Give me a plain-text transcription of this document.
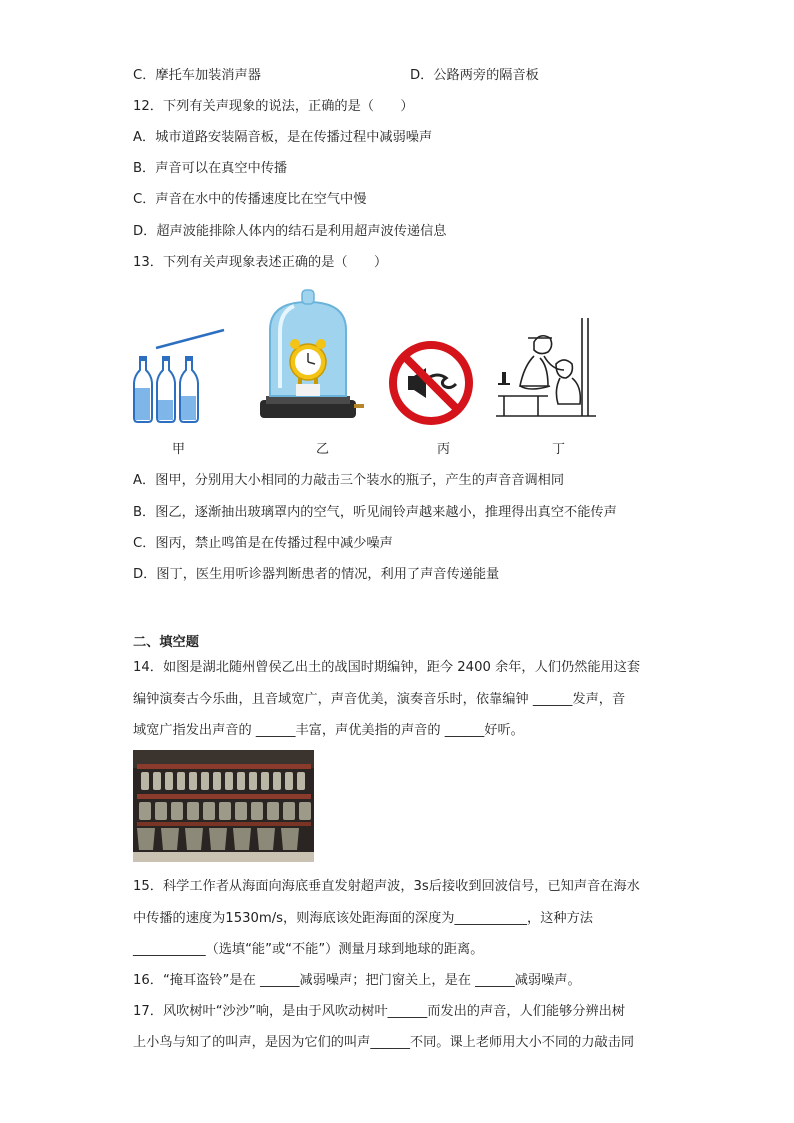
C．摩托车加装消声器	D．公路两旁的隔音板
12．下列有关声现象的说法，正确的是（　　）
A．城市道路安装隔音板，是在传播过程中减弱噪声
B．声音可以在真空中传播
C．声音在水中的传播速度比在空气中慢
D．超声波能排除人体内的结石是利用超声波传递信息
13．下列有关声现象表述正确的是（　　）
甲	乙	丙	丁
A．图甲，分别用大小相同的力敲击三个装水的瓶子，产生的声音音调相同
B．图乙，逐渐抽出玻璃罩内的空气，听见闹铃声越来越小，推理得出真空不能传声
C．图丙，禁止鸣笛是在传播过程中减少噪声
D．图丁，医生用听诊器判断患者的情况，利用了声音传递能量
二、填空题
14．如图是湖北随州曾侯乙出土的战国时期编钟，距今 2400 余年，人们仍然能用这套
编钟演奏古今乐曲，且音域宽广，声音优美，演奏音乐时，依靠编钟 ______发声，音
域宽广指发出声音的 ______丰富，声优美指的声音的 ______好听。
15．科学工作者从海面向海底垂直发射超声波，3s后接收到回波信号，已知声音在海水
中传播的速度为1530m/s，则海底该处距海面的深度为___________，这种方法
___________（选填“能”或“不能”）测量月球到地球的距离。
16．“掩耳盗铃”是在 ______减弱噪声；把门窗关上，是在 ______减弱噪声。
17．风吹树叶“沙沙”响，是由于风吹动树叶______而发出的声音，人们能够分辨出树
上小鸟与知了的叫声，是因为它们的叫声______不同。课上老师用大小不同的力敲击同
